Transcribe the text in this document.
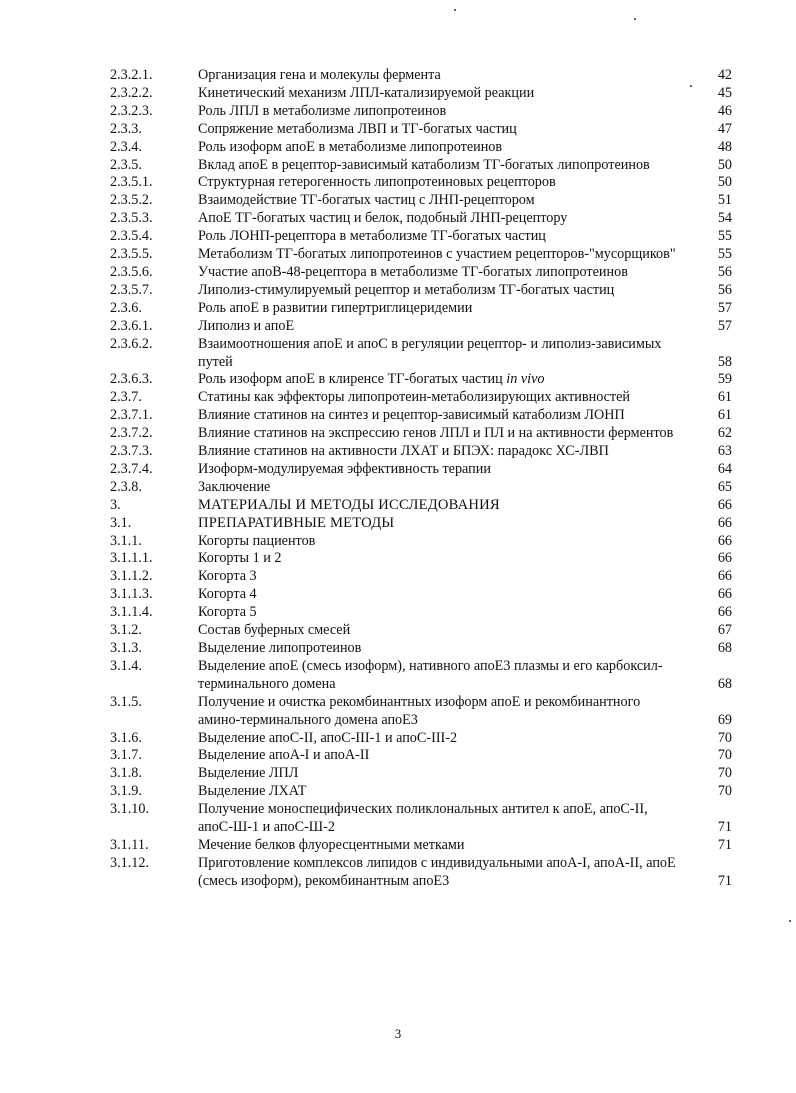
2.3.2.1.	Организация гена и молекулы фермента	42
2.3.2.2.	Кинетический механизм ЛПЛ-катализируемой реакции	45
2.3.2.3.	Роль ЛПЛ в метаболизме липопротеинов	46
2.3.3.	Сопряжение метаболизма ЛВП и ТГ-богатых частиц	47
2.3.4.	Роль изоформ апоЕ в метаболизме липопротеинов	48
2.3.5.	Вклад апоЕ в рецептор-зависимый катаболизм ТГ-богатых липопротеинов	50
2.3.5.1.	Структурная гетерогенность липопротеиновых рецепторов	50
2.3.5.2.	Взаимодействие ТГ-богатых частиц с ЛНП-рецептором	51
2.3.5.3.	АпоЕ ТГ-богатых частиц и белок, подобный ЛНП-рецептору	54
2.3.5.4.	Роль ЛОНП-рецептора в метаболизме ТГ-богатых частиц	55
2.3.5.5.	Метаболизм ТГ-богатых липопротеинов с участием рецепторов-"мусорщиков"	55
2.3.5.6.	Участие апоВ-48-рецептора в метаболизме ТГ-богатых липопротеинов	56
2.3.5.7.	Липолиз-стимулируемый рецептор и метаболизм ТГ-богатых частиц	56
2.3.6.	Роль апоЕ в развитии гипертриглицеридемии	57
2.3.6.1.	Липолиз и апоЕ	57
2.3.6.2.	Взаимоотношения апоЕ и апоС в регуляции рецептор- и липолиз-зависимых путей	58
2.3.6.3.	Роль изоформ апоЕ в клиренсе ТГ-богатых частиц in vivo	59
2.3.7.	Статины как эффекторы липопротеин-метаболизирующих активностей	61
2.3.7.1.	Влияние статинов на синтез и рецептор-зависимый катаболизм ЛОНП	61
2.3.7.2.	Влияние статинов на экспрессию генов ЛПЛ и ПЛ и на активности ферментов	62
2.3.7.3.	Влияние статинов на активности ЛХАТ и БПЭХ: парадокс ХС-ЛВП	63
2.3.7.4.	Изоформ-модулируемая эффективность терапии	64
2.3.8.	Заключение	65
3.	МАТЕРИАЛЫ И МЕТОДЫ ИССЛЕДОВАНИЯ	66
3.1.	ПРЕПАРАТИВНЫЕ МЕТОДЫ	66
3.1.1.	Когорты пациентов	66
3.1.1.1.	Когорты 1 и 2	66
3.1.1.2.	Когорта 3	66
3.1.1.3.	Когорта 4	66
3.1.1.4.	Когорта 5	66
3.1.2.	Состав буферных смесей	67
3.1.3.	Выделение липопротеинов	68
3.1.4.	Выделение апоЕ (смесь изоформ), нативного апоЕ3 плазмы и его карбоксил-терминального домена	68
3.1.5.	Получение и очистка рекомбинантных изоформ апоЕ и рекомбинантного амино-терминального домена апоЕ3	69
3.1.6.	Выделение апоС-II, апоС-III-1 и апоС-III-2	70
3.1.7.	Выделение апоА-I и апоА-II	70
3.1.8.	Выделение ЛПЛ	70
3.1.9.	Выделение ЛХАТ	70
3.1.10.	Получение моноспецифических поликлональных антител к апоЕ, апоС-II, апоС-Ш-1 и апоС-Ш-2	71
3.1.11.	Мечение белков флуоресцентными метками	71
3.1.12.	Приготовление комплексов липидов с индивидуальными апоА-I, апоА-II, апоЕ (смесь изоформ), рекомбинантным апоЕ3	71
3
